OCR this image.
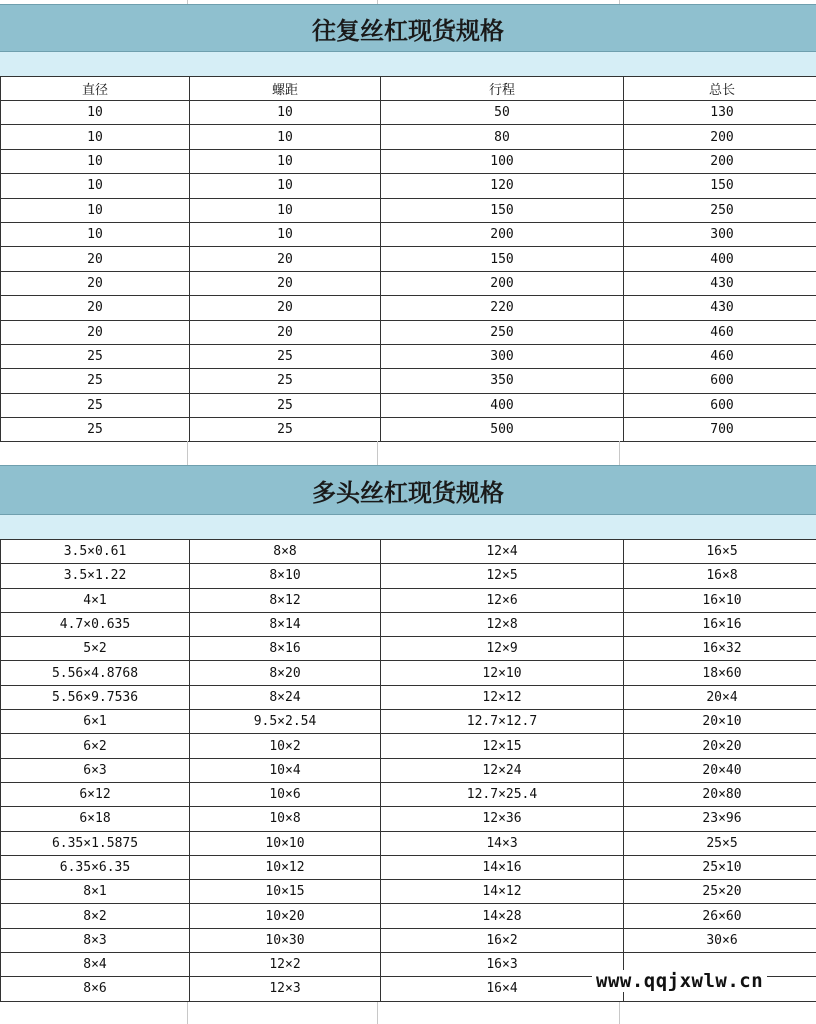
往复丝杠现货规格
直径	螺距	行程	总长
10	10	50	130
10	10	80	200
10	10	100	200
10	10	120	150
10	10	150	250
10	10	200	300
20	20	150	400
20	20	200	430
20	20	220	430
20	20	250	460
25	25	300	460
25	25	350	600
25	25	400	600
25	25	500	700
多头丝杠现货规格
3.5×0.61	8×8	12×4	16×5
3.5×1.22	8×10	12×5	16×8
4×1	8×12	12×6	16×10
4.7×0.635	8×14	12×8	16×16
5×2	8×16	12×9	16×32
5.56×4.8768	8×20	12×10	18×60
5.56×9.7536	8×24	12×12	20×4
6×1	9.5×2.54	12.7×12.7	20×10
6×2	10×2	12×15	20×20
6×3	10×4	12×24	20×40
6×12	10×6	12.7×25.4	20×80
6×18	10×8	12×36	23×96
6.35×1.5875	10×10	14×3	25×5
6.35×6.35	10×12	14×16	25×10
8×1	10×15	14×12	25×20
8×2	10×20	14×28	26×60
8×3	10×30	16×2	30×6
8×4	12×2	16×3	
8×6	12×3	16×4		www.qqjxwlw.cn
